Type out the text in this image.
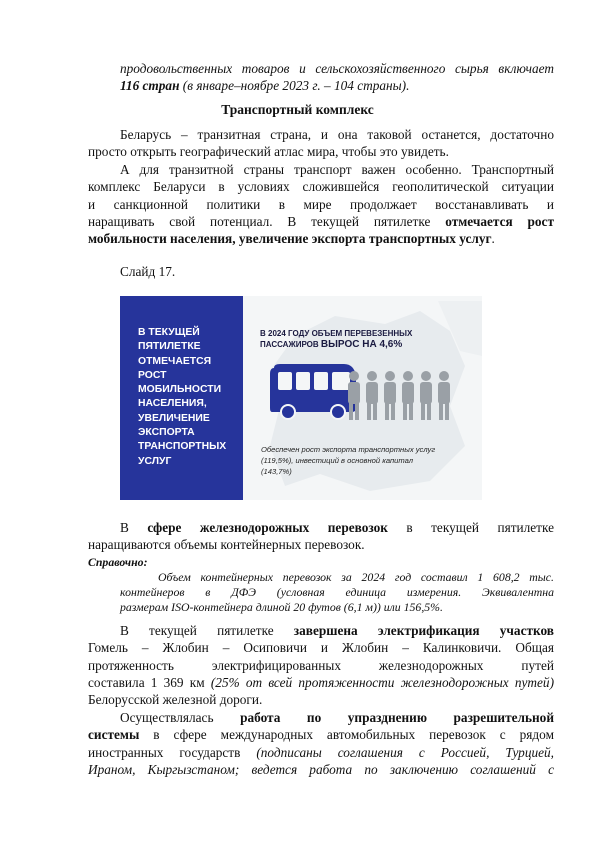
продовольственных товаров и сельскохозяйственного сырья включает
116 стран (в январе–ноябре 2023 г. – 104 страны).
Транспортный комплекс
Беларусь – транзитная страна, и она таковой останется, достаточно
просто открыть географический атлас мира, чтобы это увидеть.
А для транзитной страны транспорт важен особенно. Транспортный
комплекс Беларуси в условиях сложившейся геополитической ситуации
и санкционной политики в мире продолжает восстанавливать и
наращивать свой потенциал. В текущей пятилетке отмечается рост
мобильности населения, увеличение экспорта транспортных услуг.
Слайд 17.
В ТЕКУЩЕЙ
ПЯТИЛЕТКЕ
ОТМЕЧАЕТСЯ
РОСТ
МОБИЛЬНОСТИ
НАСЕЛЕНИЯ,
УВЕЛИЧЕНИЕ
ЭКСПОРТА
ТРАНСПОРТНЫХ
УСЛУГ
В 2024 ГОДУ ОБЪЕМ ПЕРЕВЕЗЕННЫХ
ПАССАЖИРОВ ВЫРОС НА 4,6%
Обеспечен рост экспорта транспортных услуг (119,5%), инвестиций в основной капитал (143,7%)
В сфере железнодорожных перевозок в текущей пятилетке
наращиваются объемы контейнерных перевозок.
Справочно:
Объем контейнерных перевозок за 2024 год составил 1 608,2 тыс.
контейнеров в ДФЭ (условная единица измерения. Эквивалентна
размерам ISO-контейнера длиной 20 футов (6,1 м)) или 156,5%.
В текущей пятилетке завершена электрификация участков
Гомель – Жлобин – Осиповичи и Жлобин – Калинковичи. Общая
протяженность электрифицированных железнодорожных путей
составила 1 369 км (25% от всей протяженности железнодорожных путей)
Белорусской железной дороги.
Осуществлялась работа по упразднению разрешительной
системы в сфере международных автомобильных перевозок с рядом
иностранных государств (подписаны соглашения с Россией, Турцией,
Ираном, Кыргызстаном; ведется работа по заключению соглашений с
